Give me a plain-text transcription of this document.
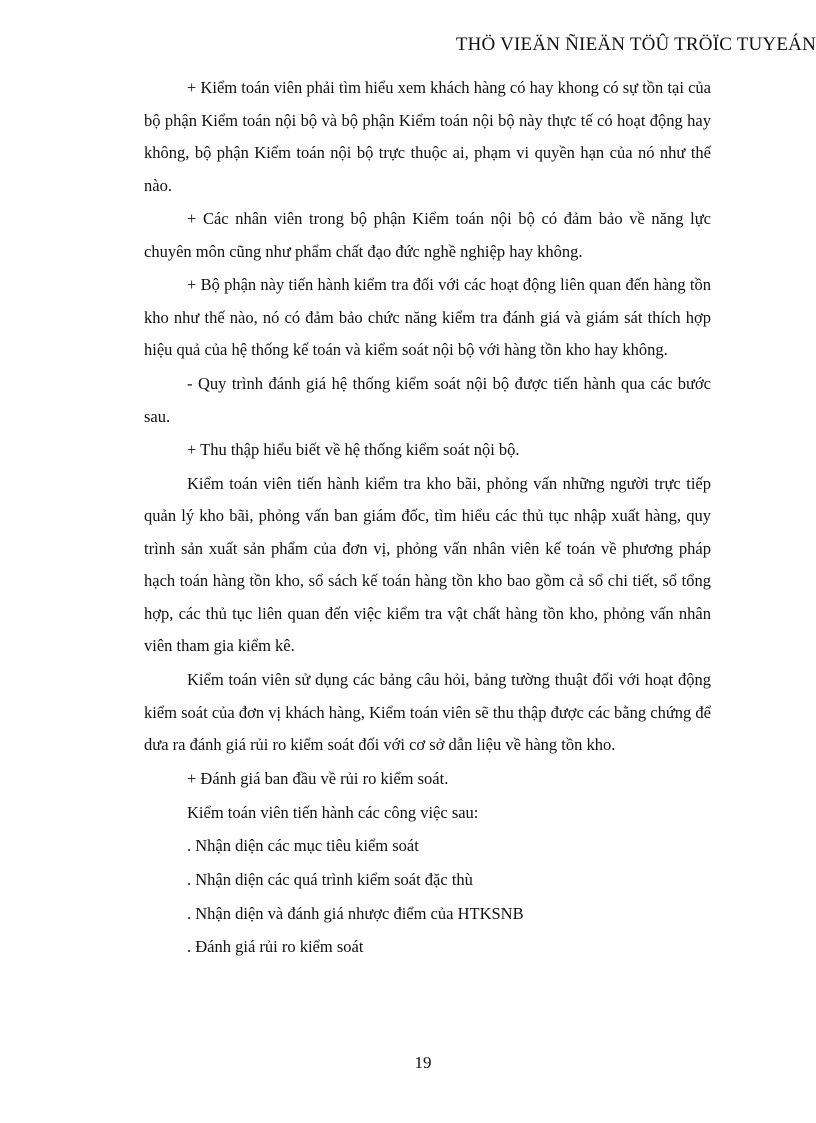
THÖ VIEÄN ÑIEÄN TÖÛ TRÖÏC TUYEÁN

+ Kiểm toán viên phải tìm hiểu xem khách hàng có hay khong có sự tồn tại của bộ phận Kiểm toán nội bộ và bộ phận Kiểm toán nội bộ này thực tế có hoạt động hay không, bộ phận Kiểm toán nội bộ trực thuộc ai, phạm vi quyền hạn của nó như thế nào.

+ Các nhân viên trong bộ phận Kiểm toán nội bộ có đảm bảo về năng lực chuyên môn cũng như phẩm chất đạo đức nghề nghiệp hay không.

+ Bộ phận này tiến hành kiểm tra đối với các hoạt động liên quan đến hàng tồn kho như thế nào, nó có đảm bảo chức năng kiểm tra đánh giá và giám sát thích hợp hiệu quả của hệ thống kế toán và kiểm soát nội bộ với hàng tồn kho hay không.

- Quy trình đánh giá hệ thống kiểm soát nội bộ được tiến hành qua các bước sau.

+ Thu thập hiểu biết về hệ thống kiểm soát nội bộ.

Kiểm toán viên tiến hành kiểm tra kho bãi, phỏng vấn những người trực tiếp quản lý kho bãi, phỏng vấn ban giám đốc, tìm hiểu các thủ tục nhập xuất hàng, quy trình sản xuất sản phẩm của đơn vị, phỏng vấn nhân viên kế toán về phương pháp hạch toán hàng tồn kho, sổ sách kế toán hàng tồn kho bao gồm cả sổ chi tiết, sổ tổng hợp, các thủ tục liên quan đến việc kiểm tra vật chất hàng tồn kho, phỏng vấn nhân viên tham gia kiểm kê.

Kiểm toán viên sử dụng các bảng câu hỏi, bảng tường thuật đối với hoạt động kiểm soát của đơn vị khách hàng, Kiểm toán viên sẽ thu thập được các bằng chứng để dưa ra đánh giá rủi ro kiểm soát đối với cơ sở dẫn liệu về hàng tồn kho.

+ Đánh giá ban đầu về rủi ro kiểm soát.

Kiểm toán viên tiến hành các công việc sau:

. Nhận diện các mục tiêu kiểm soát

. Nhận diện các quá trình kiểm soát đặc thù

. Nhận diện và đánh giá nhược điểm của HTKSNB

. Đánh giá rủi ro kiểm soát

19
